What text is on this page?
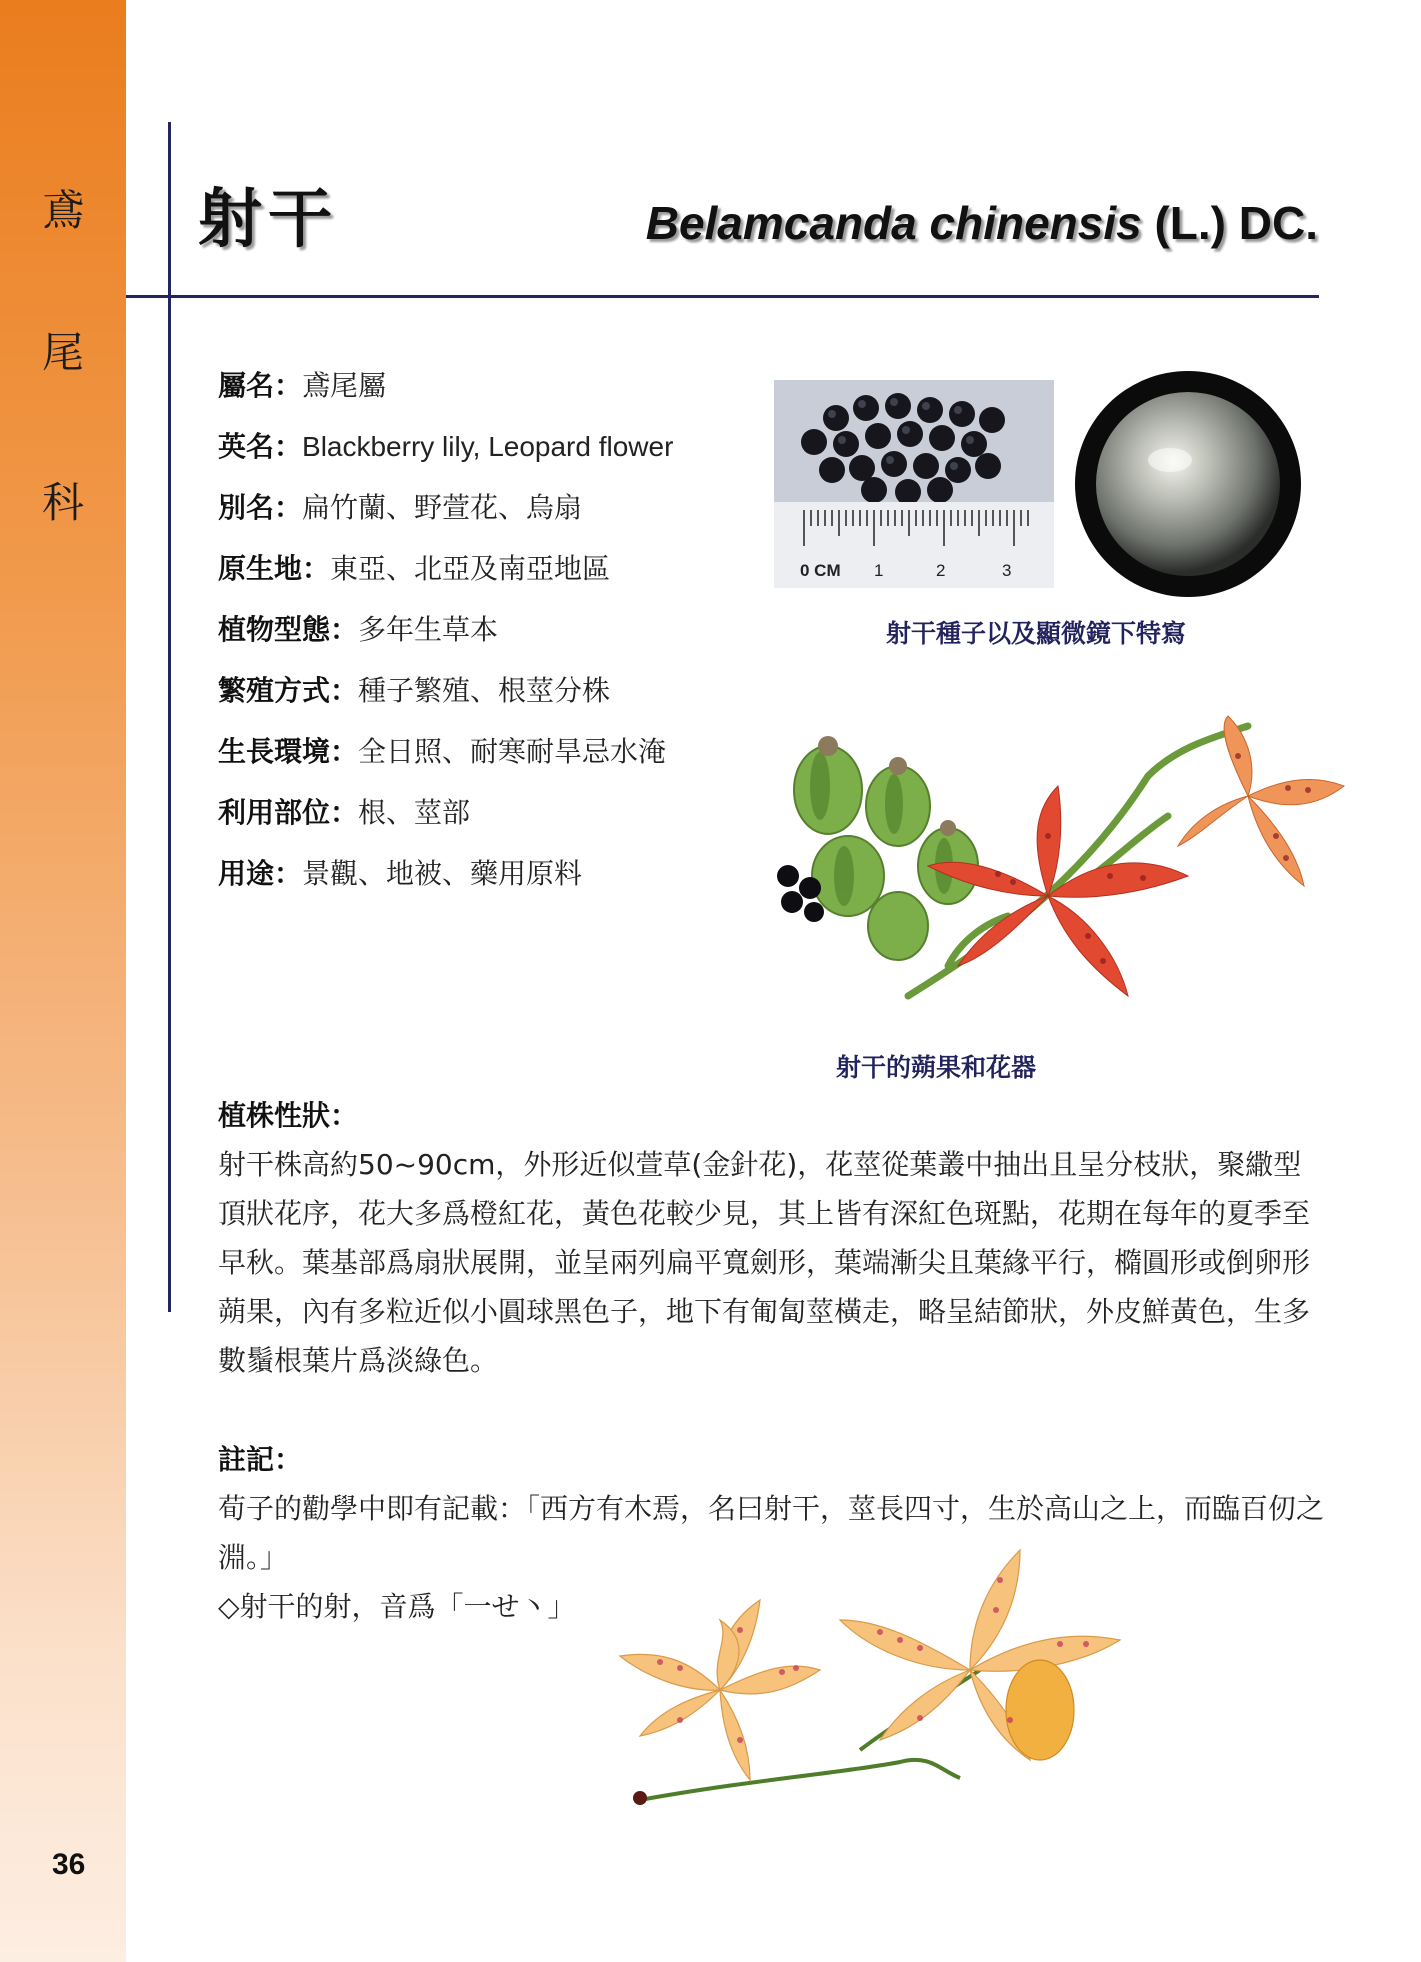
鳶
尾
科
36
射干	Belamcanda chinensis (L.) DC.
屬名：鳶尾屬
英名：Blackberry lily, Leopard flower
別名：扁竹蘭、野萱花、烏扇
原生地：東亞、北亞及南亞地區
植物型態：多年生草本
繁殖方式：種子繁殖、根莖分株
生長環境：全日照、耐寒耐旱忌水淹
利用部位：根、莖部
用途：景觀、地被、藥用原料
0 CM 1	2	3
射干種子以及顯微鏡下特寫
射干的蒴果和花器
植株性狀：

射干株高約50~90cm，外形近似萱草(金針花)，花莖從葉叢中抽出且呈分枝狀，聚繖型頂狀花序，花大多爲橙紅花，黃色花較少見，其上皆有深紅色斑點，花期在每年的夏季至早秋。葉基部爲扇狀展開，並呈兩列扁平寬劍形，葉端漸尖且葉緣平行，橢圓形或倒卵形蒴果，內有多粒近似小圓球黑色子，地下有匍匐莖橫走，略呈結節狀，外皮鮮黃色，生多數鬚根葉片爲淡綠色。

註記：

荀子的勸學中即有記載：「西方有木焉，名曰射干，莖長四寸，生於高山之上，而臨百仞之淵。」

◇射干的射，音爲「一せ丶」
